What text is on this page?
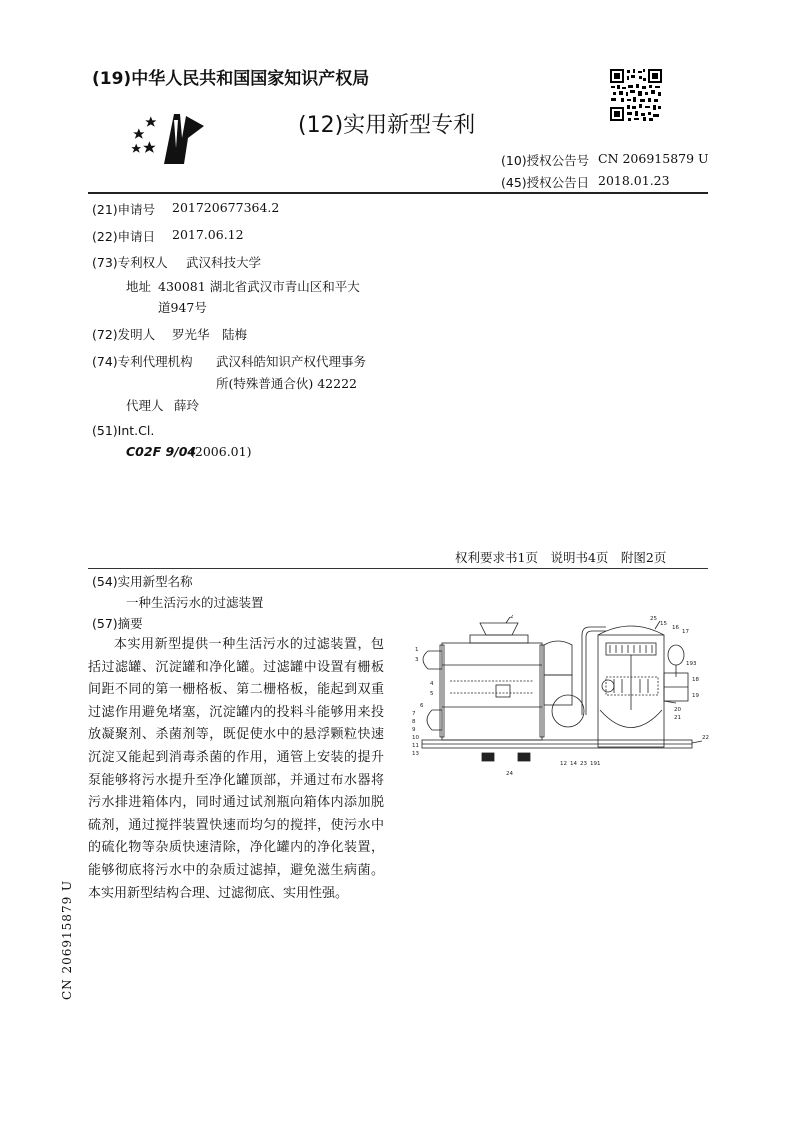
(19)中华人民共和国国家知识产权局
(12)实用新型专利
(10)授权公告号 CN 206915879 U
(45)授权公告日 2018.01.23
(21)申请号 201720677364.2
(22)申请日 2017.06.12
(73)专利权人 武汉科技大学
地址 430081 湖北省武汉市青山区和平大
道947号
(72)发明人 罗光华　陆梅
(74)专利代理机构 武汉科皓知识产权代理事务
所(特殊普通合伙) 42222
代理人 薛玲
(51)Int.Cl.
C02F 9/04
(2006.01)
权利要求书1页　说明书4页　附图2页
(54)实用新型名称
一种生活污水的过滤装置
(57)摘要
本实用新型提供一种生活污水的过滤装置，包括过滤罐、沉淀罐和净化罐。过滤罐中设置有栅板间距不同的第一栅格板、第二栅格板，能起到双重过滤作用避免堵塞，沉淀罐内的投料斗能够用来投放凝聚剂、杀菌剂等，既促使水中的悬浮颗粒快速沉淀又能起到消毒杀菌的作用，通管上安装的提升泵能够将污水提升至净化罐顶部，并通过布水器将污水排进箱体内，同时通过试剂瓶向箱体内添加脱硫剂，通过搅拌装置快速而均匀的搅拌，使污水中的硫化物等杂质快速清除，净化罐内的净化装置，能够彻底将污水中的杂质过滤掉，避免滋生病菌。本实用新型结构合理、过滤彻底、实用性强。
CN 206915879 U
2	25
15
16
17
1
3
4
5
6
7
8
9
10
11
193
18
19
20
21
22
13
24
12 14 23 191
